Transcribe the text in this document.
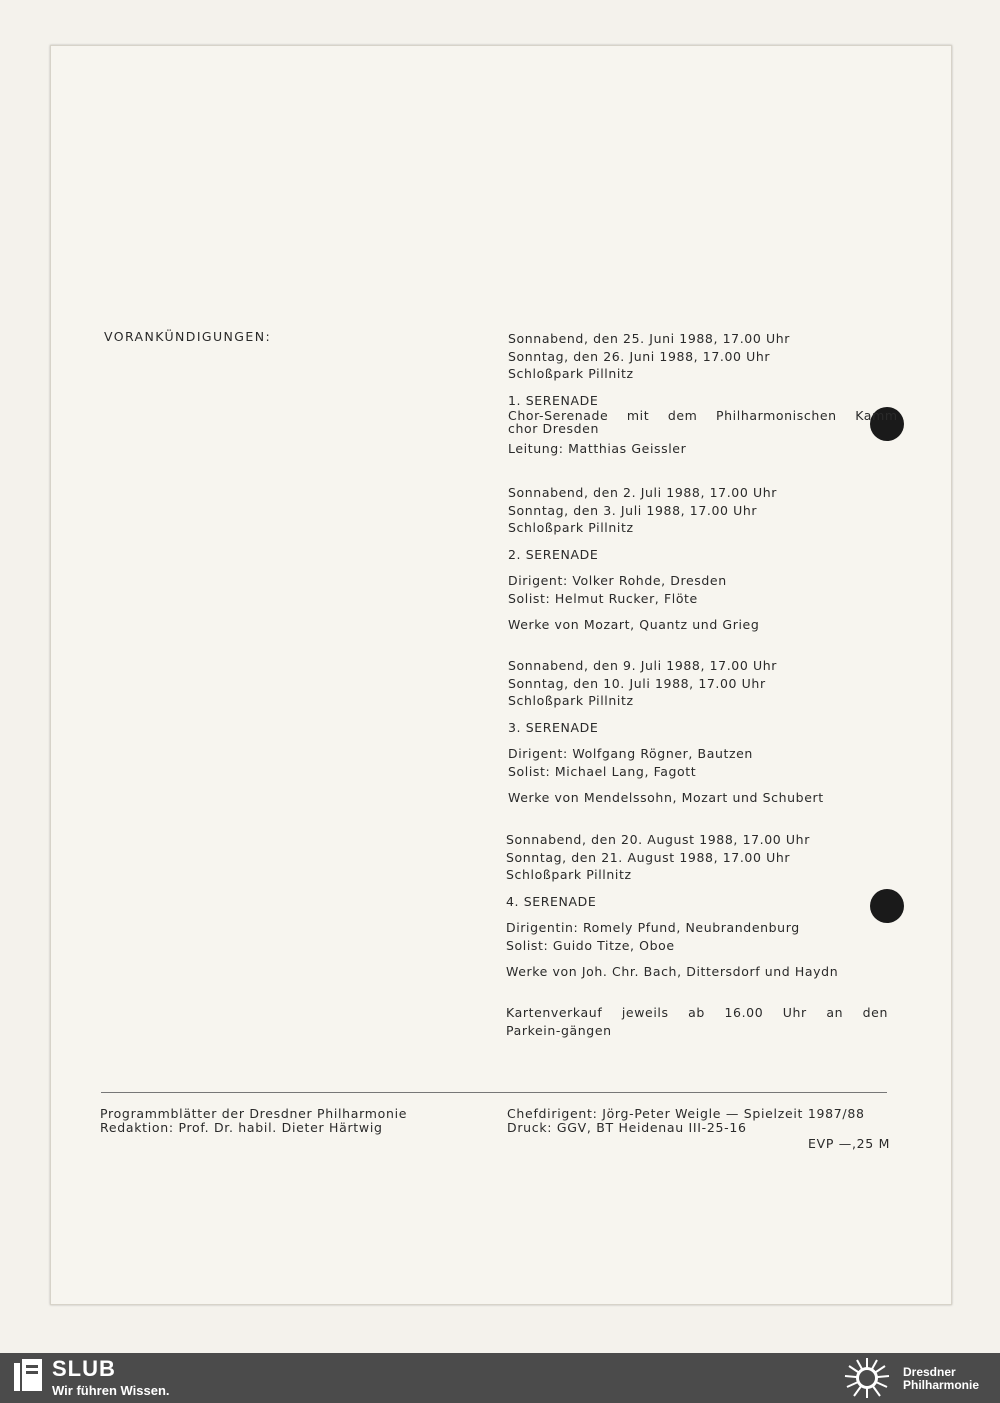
VORANKÜNDIGUNGEN:	Sonnabend, den 25. Juni 1988, 17.00 Uhr
Sonntag, den 26. Juni 1988, 17.00 Uhr
Schloßpark Pillnitz
1. SERENADE
Chor-Serenade mit dem Philharmonischen Kamm
chor Dresden
Leitung: Matthias Geissler
Sonnabend, den 2. Juli 1988, 17.00 Uhr
Sonntag, den 3. Juli 1988, 17.00 Uhr
Schloßpark Pillnitz
2. SERENADE
Dirigent: Volker Rohde, Dresden
Solist: Helmut Rucker, Flöte
Werke von Mozart, Quantz und Grieg
Sonnabend, den 9. Juli 1988, 17.00 Uhr
Sonntag, den 10. Juli 1988, 17.00 Uhr
Schloßpark Pillnitz
3. SERENADE
Dirigent: Wolfgang Rögner, Bautzen
Solist: Michael Lang, Fagott
Werke von Mendelssohn, Mozart und Schubert
Sonnabend, den 20. August 1988, 17.00 Uhr
Sonntag, den 21. August 1988, 17.00 Uhr
Schloßpark Pillnitz
4. SERENADE
Dirigentin: Romely Pfund, Neubrandenburg
Solist: Guido Titze, Oboe
Werke von Joh. Chr. Bach, Dittersdorf und Haydn
Kartenverkauf jeweils ab 16.00 Uhr an den Parkein-gängen
Programmblätter der Dresdner Philharmonie
Redaktion: Prof. Dr. habil. Dieter Härtwig
Chefdirigent: Jörg-Peter Weigle — Spielzeit 1987/88
Druck: GGV, BT Heidenau III-25-16
EVP —,25 M
SLUB
Wir führen Wissen.
Dresdner
Philharmonie
